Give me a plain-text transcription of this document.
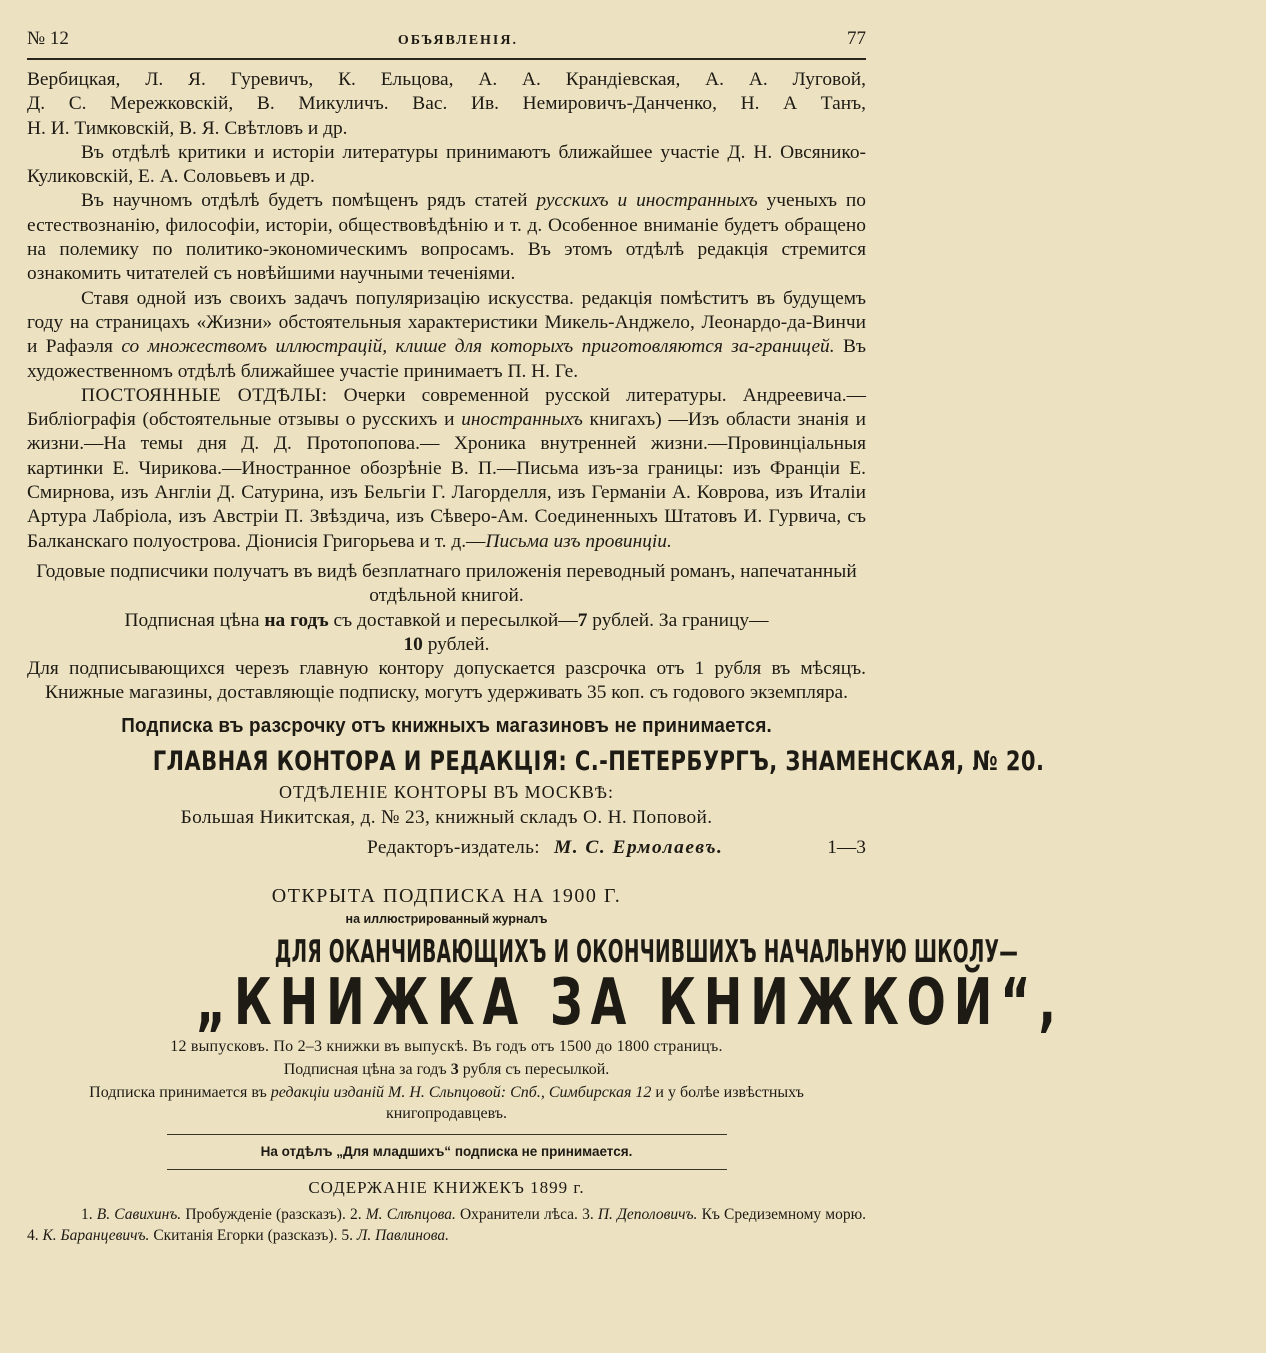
№ 12	ОБЪЯВЛЕНІЯ.	77

Вербицкая, Л. Я. Гуревичъ, К. Ельцова, А. А. Крандіевская, А. А. Луговой,

Д. С. Мережковскій, В. Микуличъ. Вас. Ив. Немировичъ-Данченко, Н. А Танъ,

Н. И. Тимковскій, В. Я. Свѣтловъ и др.

Въ отдѣлѣ критики и исторіи литературы принимаютъ ближайшее участіе Д. Н. Овсянико-Куликовскій, Е. А. Соловьевъ и др.

Въ научномъ отдѣлѣ будетъ помѣщенъ рядъ статей русскихъ и иностранныхъ ученыхъ по естествознанію, философіи, исторіи, обществовѣдѣнію и т. д. Особенное вниманіе будетъ обращено на полемику по политико-экономическимъ вопросамъ. Въ этомъ отдѣлѣ редакція стремится ознакомить читателей съ новѣйшими научными теченіями.

Ставя одной изъ своихъ задачъ популяризацію искусства. редакція помѣститъ въ будущемъ году на страницахъ «Жизни» обстоятельныя характеристики Микель-Анджело, Леонардо-да-Винчи и Рафаэля со множествомъ иллюстрацій, клише для которыхъ приготовляются за-границей. Въ художественномъ отдѣлѣ ближайшее участіе принимаетъ П. Н. Ге.

ПОСТОЯННЫЕ ОТДѢЛЫ: Очерки современной русской литературы. Андреевича.—Библіографія (обстоятельные отзывы о русскихъ и иностранныхъ книгахъ) —Изъ области знанія и жизни.—На темы дня Д. Д. Протопопова.— Хроника внутренней жизни.—Провинціальныя картинки Е. Чирикова.—Иностранное обозрѣніе В. П.—Письма изъ-за границы: изъ Франціи Е. Смирнова, изъ Англіи Д. Сатурина, изъ Бельгіи Г. Лагорделля, изъ Германіи А. Коврова, изъ Италіи Артура Лабріола, изъ Австріи П. Звѣздича, изъ Сѣверо-Ам. Соединенныхъ Штатовъ И. Гурвича, съ Балканскаго полуострова. Діонисія Григорьева и т. д.—Письма изъ провинціи.

Годовые подписчики получатъ въ видѣ безплатнаго приложенія переводный романъ, напечатанный отдѣльной книгой.

Подписная цѣна на годъ съ доставкой и пересылкой—7 рублей. За границу—
10 рублей.

Для подписывающихся черезъ главную контору допускается разсрочка отъ 1 рубля въ мѣсяцъ. Книжные магазины, доставляющіе подписку, могутъ удерживать 35 коп. съ годового экземпляра.

Подписка въ разсрочку отъ книжныхъ магазиновъ не принимается.
ГЛАВНАЯ КОНТОРА И РЕДАКЦІЯ: С.-ПЕТЕРБУРГЪ, ЗНАМЕНСКАЯ, № 20.
ОТДѢЛЕНІЕ КОНТОРЫ ВЪ МОСКВѢ:
Большая Никитская, д. № 23, книжный складъ О. Н. Поповой.
Редакторъ-издатель: М. С. Ермолаевъ.	1—3
ОТКРЫТА ПОДПИСКА НА 1900 Г.
на иллюстрированный журналъ
ДЛЯ ОКАНЧИВАЮЩИХЪ И ОКОНЧИВШИХЪ НАЧАЛЬНУЮ ШКОЛУ—
„КНИЖКА ЗА КНИЖКОЙ“,
12 выпусковъ. По 2–3 книжки въ выпускѣ. Въ годъ отъ 1500 до 1800 страницъ.
Подписная цѣна за годъ 3 рубля съ пересылкой.
Подписка принимается въ редакціи изданій М. Н. Сльпцовой: Спб., Симбирская 12 и у болѣе извѣстныхъ книгопродавцевъ.
На отдѣлъ „Для младшихъ“ подписка не принимается.
СОДЕРЖАНІЕ КНИЖЕКЪ 1899 г.
1. В. Савихинъ. Пробужденіе (разсказъ). 2. М. Слѣпцова. Охранители лѣса. 3. П. Деполовичъ. Къ Средиземному морю. 4. К. Баранцевичъ. Скитанія Егорки (разсказъ). 5. Л. Павлинова.
